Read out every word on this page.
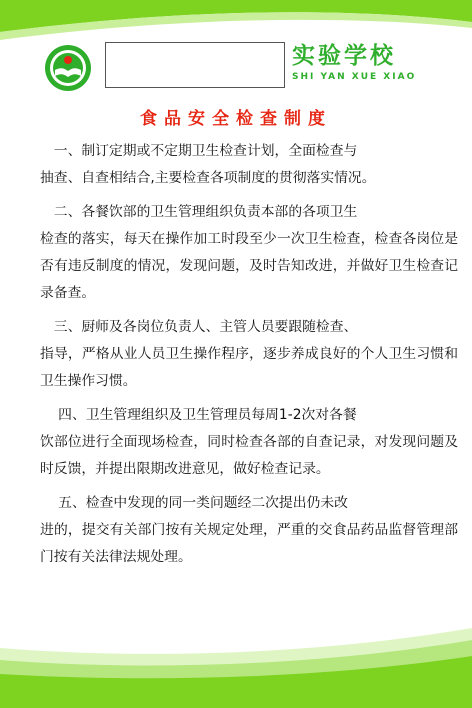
实验学校
SHI YAN XUE XIAO
食品安全检查制度

　一、制订定期或不定期卫生检查计划，全面检查与
抽查、自查相结合,主要检查各项制度的贯彻落实情况。

　二、各餐饮部的卫生管理组织负责本部的各项卫生
检查的落实，每天在操作加工时段至少一次卫生检查，检查各岗位是否有违反制度的情况，发现问题，及时告知改进，并做好卫生检查记录备查。

　三、厨师及各岗位负责人、主管人员要跟随检查、
指导，严格从业人员卫生操作程序，逐步养成良好的个人卫生习惯和卫生操作习惯。

　 四、卫生管理组织及卫生管理员每周1-2次对各餐
饮部位进行全面现场检查，同时检查各部的自查记录，对发现问题及时反馈，并提出限期改进意见，做好检查记录。

　 五、检查中发现的同一类问题经二次提出仍未改
进的，提交有关部门按有关规定处理，严重的交食品药品监督管理部门按有关法律法规处理。
